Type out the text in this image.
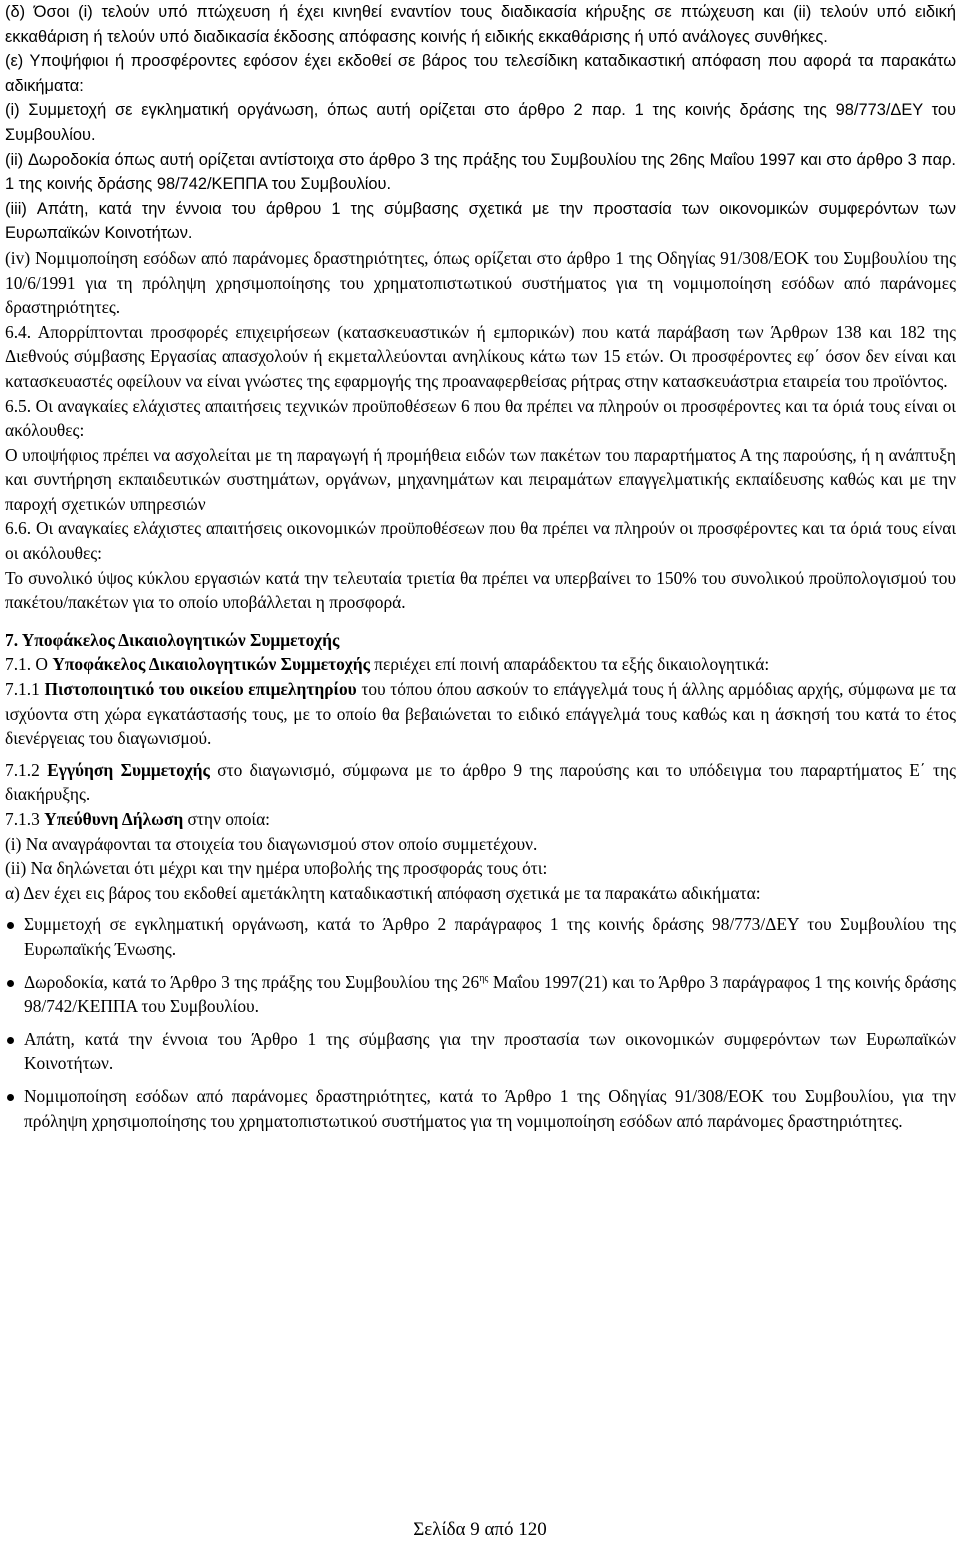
(δ) Όσοι (i) τελούν υπό πτώχευση ή έχει κινηθεί εναντίον τους διαδικασία κήρυξης σε πτώχευση και (ii) τελούν υπό ειδική εκκαθάριση ή τελούν υπό διαδικασία έκδοσης απόφασης κοινής ή ειδικής εκκαθάρισης ή υπό ανάλογες συνθήκες.

(ε) Υποψήφιοι ή προσφέροντες εφόσον έχει εκδοθεί σε βάρος του τελεσίδικη καταδικαστική απόφαση που αφορά τα παρακάτω αδικήματα:

(i) Συμμετοχή σε εγκληματική οργάνωση, όπως αυτή ορίζεται στο άρθρο 2 παρ. 1 της κοινής δράσης της 98/773/ΔΕΥ του Συμβουλίου.

(ii) Δωροδοκία όπως αυτή ορίζεται αντίστοιχα στο άρθρο 3 της πράξης του Συμβουλίου της 26ης Μαΐου 1997 και στο άρθρο 3 παρ. 1 της κοινής δράσης 98/742/ΚΕΠΠΑ του Συμβουλίου.

(iii) Απάτη, κατά την έννοια του άρθρου 1 της σύμβασης σχετικά με την προστασία των οικονομικών συμφερόντων των Ευρωπαϊκών Κοινοτήτων.

(iv) Νομιμοποίηση εσόδων από παράνομες δραστηριότητες, όπως ορίζεται στο άρθρο 1 της Οδηγίας 91/308/ΕΟΚ του Συμβουλίου της 10/6/1991 για τη πρόληψη χρησιμοποίησης του χρηματοπιστωτικού συστήματος για τη νομιμοποίηση εσόδων από παράνομες δραστηριότητες.

6.4. Απορρίπτονται προσφορές επιχειρήσεων (κατασκευαστικών ή εμπορικών) που κατά παράβαση των Άρθρων 138 και 182 της Διεθνούς σύμβασης Εργασίας απασχολούν ή εκμεταλλεύονται ανηλίκους κάτω των 15 ετών. Οι προσφέροντες εφ΄ όσον δεν είναι και κατασκευαστές οφείλουν να είναι γνώστες της εφαρμογής της προαναφερθείσας ρήτρας στην κατασκευάστρια εταιρεία του προϊόντος.

6.5. Οι αναγκαίες ελάχιστες απαιτήσεις τεχνικών προϋποθέσεων 6 που θα πρέπει να πληρούν οι προσφέροντες και τα όριά τους είναι οι ακόλουθες:

Ο υποψήφιος πρέπει να ασχολείται με τη παραγωγή ή προμήθεια ειδών των πακέτων του παραρτήματος Α της παρούσης, ή η ανάπτυξη και συντήρηση εκπαιδευτικών συστημάτων, οργάνων, μηχανημάτων και πειραμάτων επαγγελματικής εκπαίδευσης καθώς και με την παροχή σχετικών υπηρεσιών

6.6. Οι αναγκαίες ελάχιστες απαιτήσεις οικονομικών προϋποθέσεων που θα πρέπει να πληρούν οι προσφέροντες και τα όριά τους είναι οι ακόλουθες:

Το συνολικό ύψος κύκλου εργασιών κατά την τελευταία τριετία θα πρέπει να υπερβαίνει το 150% του συνολικού προϋπολογισμού του πακέτου/πακέτων για το οποίο υποβάλλεται η προσφορά.

7. Υποφάκελος Δικαιολογητικών Συμμετοχής

7.1. Ο Υποφάκελος Δικαιολογητικών Συμμετοχής περιέχει επί ποινή απαράδεκτου τα εξής δικαιολογητικά:

7.1.1 Πιστοποιητικό του οικείου επιμελητηρίου του τόπου όπου ασκούν το επάγγελμά τους ή άλλης αρμόδιας αρχής, σύμφωνα με τα ισχύοντα στη χώρα εγκατάστασής τους, με το οποίο θα βεβαιώνεται το ειδικό επάγγελμά τους καθώς και η άσκησή του κατά το έτος διενέργειας του διαγωνισμού.

7.1.2 Εγγύηση Συμμετοχής στο διαγωνισμό, σύμφωνα με το άρθρο 9 της παρούσης και το υπόδειγμα του παραρτήματος Ε΄ της διακήρυξης.

7.1.3 Υπεύθυνη Δήλωση στην οποία:

(i) Να αναγράφονται τα στοιχεία του διαγωνισμού στον οποίο συμμετέχουν.

(ii) Να δηλώνεται ότι μέχρι και την ημέρα υποβολής της προσφοράς τους ότι:

α) Δεν έχει εις βάρος του εκδοθεί αμετάκλητη καταδικαστική απόφαση σχετικά με τα παρακάτω αδικήματα:

Συμμετοχή σε εγκληματική οργάνωση, κατά το Άρθρο 2 παράγραφος 1 της κοινής δράσης 98/773/ΔΕΥ του Συμβουλίου της Ευρωπαϊκής Ένωσης.
Δωροδοκία, κατά το Άρθρο 3 της πράξης του Συμβουλίου της $26^{\eta\varsigma}$ Μαΐου 1997(21) και το Άρθρο 3 παράγραφος 1 της κοινής δράσης 98/742/ΚΕΠΠΑ του Συμβουλίου.
Απάτη, κατά την έννοια του Άρθρο 1 της σύμβασης για την προστασία των οικονομικών συμφερόντων των Ευρωπαϊκών Κοινοτήτων.
Νομιμοποίηση εσόδων από παράνομες δραστηριότητες, κατά το Άρθρο 1 της Οδηγίας 91/308/ΕΟΚ του Συμβουλίου, για την πρόληψη χρησιμοποίησης του χρηματοπιστωτικού συστήματος για τη νομιμοποίηση εσόδων από παράνομες δραστηριότητες.
Σελίδα 9 από 120
